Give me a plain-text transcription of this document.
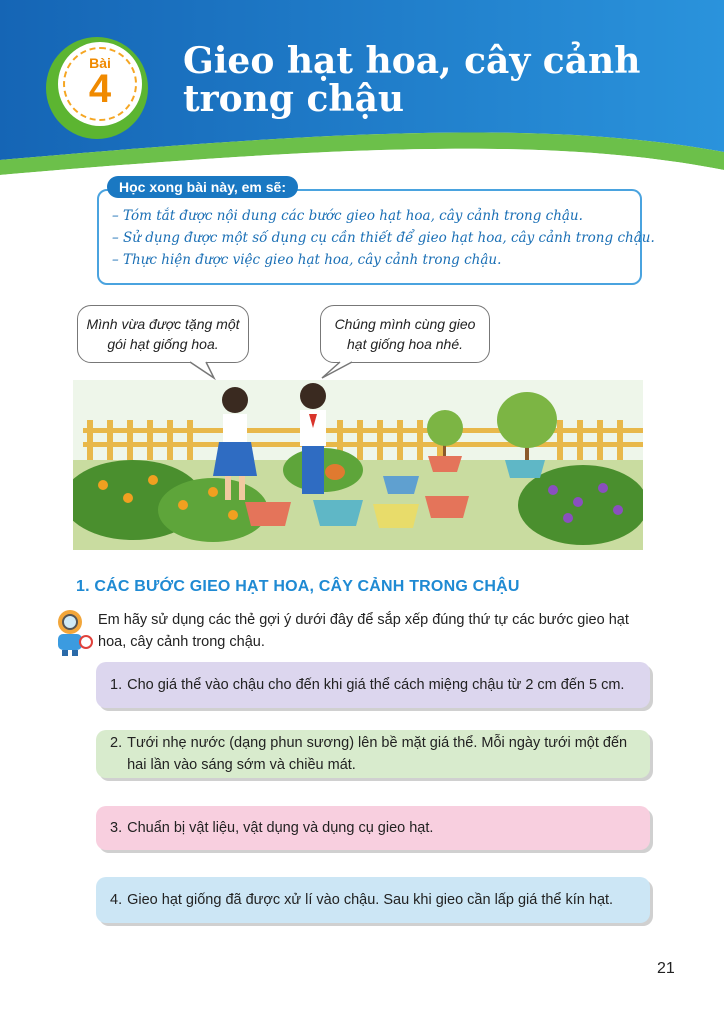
Bài
4
Gieo hạt hoa, cây cảnh trong chậu
Học xong bài này, em sẽ:
– Tóm tắt được nội dung các bước gieo hạt hoa, cây cảnh trong chậu.
– Sử dụng được một số dụng cụ cần thiết để gieo hạt hoa, cây cảnh trong chậu.
– Thực hiện được việc gieo hạt hoa, cây cảnh trong chậu.
Mình vừa được tặng một gói hạt giống hoa.
Chúng mình cùng gieo hạt giống hoa nhé.
1. CÁC BƯỚC GIEO HẠT HOA, CÂY CẢNH TRONG CHẬU
Em hãy sử dụng các thẻ gợi ý dưới đây để sắp xếp đúng thứ tự các bước gieo hạt hoa, cây cảnh trong chậu.
1. Cho giá thể vào chậu cho đến khi giá thể cách miệng chậu từ 2 cm đến 5 cm.
2. Tưới nhẹ nước (dạng phun sương) lên bề mặt giá thể. Mỗi ngày tưới một đến hai lần vào sáng sớm và chiều mát.
3. Chuẩn bị vật liệu, vật dụng và dụng cụ gieo hạt.
4. Gieo hạt giống đã được xử lí vào chậu. Sau khi gieo cần lấp giá thể kín hạt.
21
